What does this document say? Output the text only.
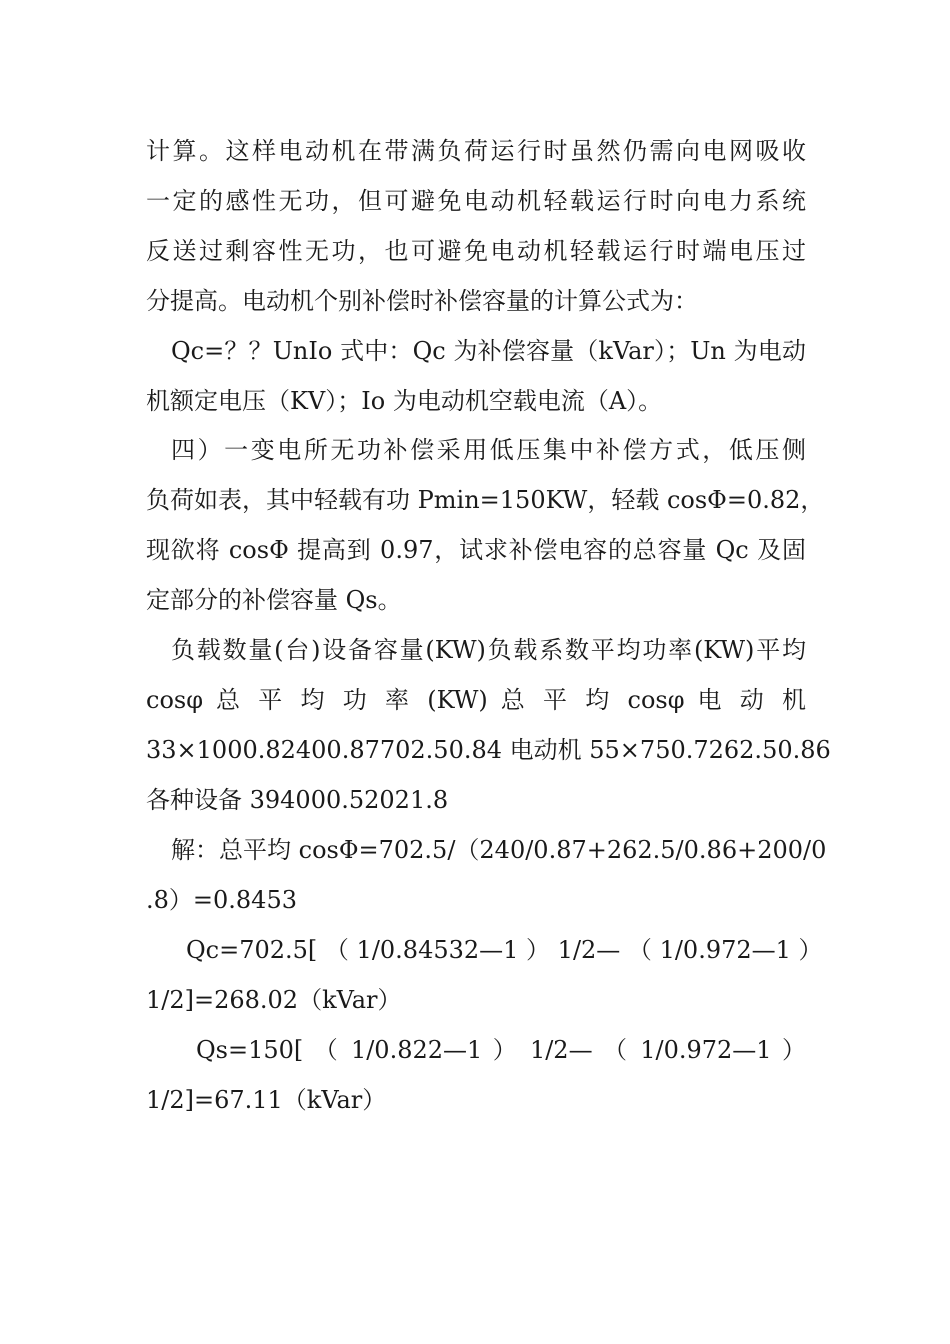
计算。这样电动机在带满负荷运行时虽然仍需向电网吸收
一定的感性无功，但可避免电动机轻载运行时向电力系统
反送过剩容性无功，也可避免电动机轻载运行时端电压过
分提高。电动机个别补偿时补偿容量的计算公式为：
Qc=？？UnIo 式中：Qc 为补偿容量（kVar）；Un 为电动
机额定电压（KV）；Io 为电动机空载电流（A）。
四）一变电所无功补偿采用低压集中补偿方式，低压侧
负荷如表，其中轻载有功 Pmin=150KW，轻载 cosΦ=0.82，
现欲将 cosΦ 提高到 0.97，试求补偿电容的总容量 Qc 及固
定部分的补偿容量 Qs。
负载数量(台)设备容量(KW)负载系数平均功率(KW)平均
cosφ 总 平 均 功 率 (KW) 总 平 均 cosφ 电 动 机
33×1000.82400.87702.50.84 电动机 55×750.7262.50.86
各种设备 394000.52021.8
解：总平均 cosΦ=702.5/（240/0.87+262.5/0.86+200/0
.8）=0.8453
Qc=702.5[ （ 1/0.84532—1 ） 1/2— （ 1/0.972—1 ）
1/2]=268.02（kVar）
Qs=150[ （ 1/0.822—1 ） 1/2— （ 1/0.972—1 ）
1/2]=67.11（kVar）
